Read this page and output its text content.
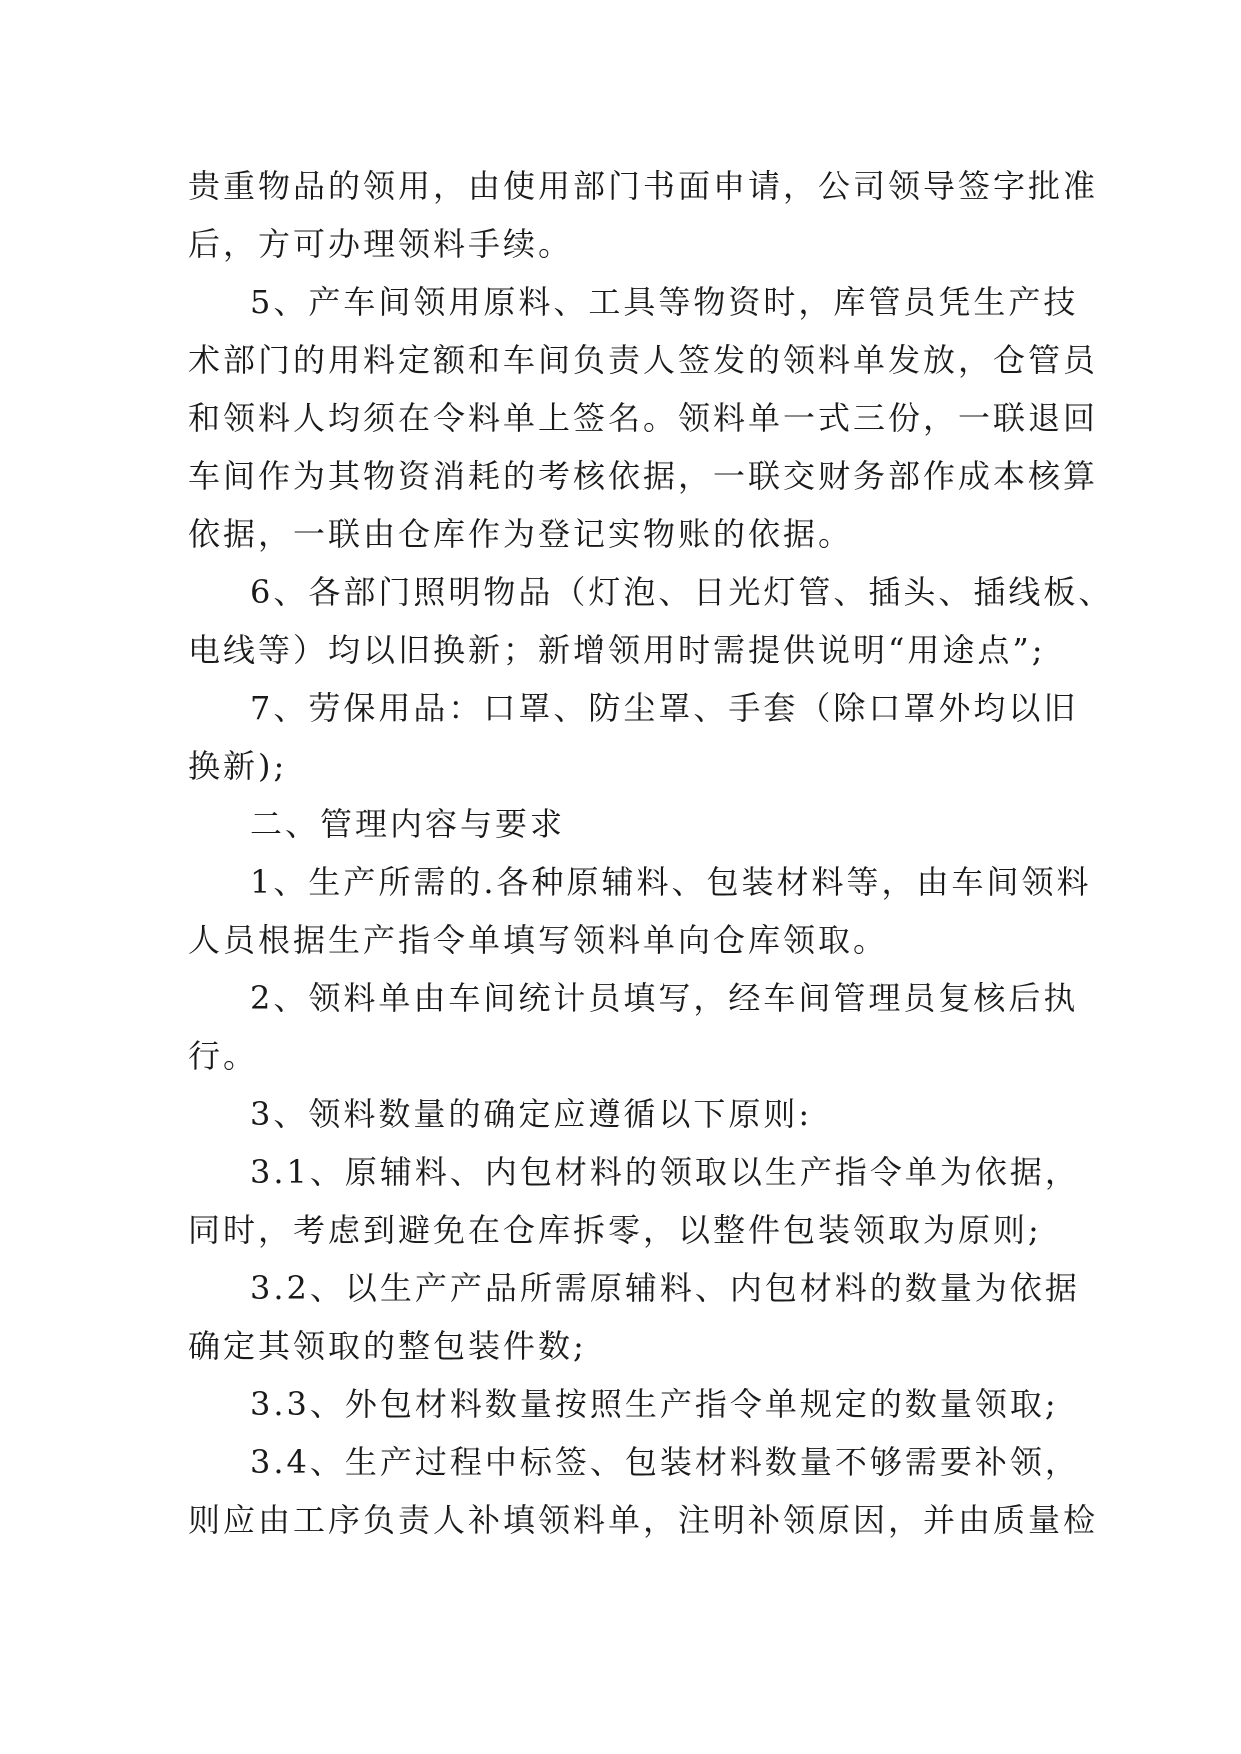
贵重物品的领用，由使用部门书面申请，公司领导签字批准
后，方可办理领料手续。
5、产车间领用原料、工具等物资时，库管员凭生产技
术部门的用料定额和车间负责人签发的领料单发放，仓管员
和领料人均须在令料单上签名。领料单一式三份，一联退回
车间作为其物资消耗的考核依据，一联交财务部作成本核算
依据，一联由仓库作为登记实物账的依据。
6、各部门照明物品（灯泡、日光灯管、插头、插线板、
电线等）均以旧换新；新增领用时需提供说明“用途点”;
7、劳保用品：口罩、防尘罩、手套（除口罩外均以旧
换新);
二、管理内容与要求
1、生产所需的.各种原辅料、包装材料等，由车间领料
人员根据生产指令单填写领料单向仓库领取。
2、领料单由车间统计员填写，经车间管理员复核后执
行。
3、领料数量的确定应遵循以下原则:
3.1、原辅料、内包材料的领取以生产指令单为依据，
同时，考虑到避免在仓库拆零，以整件包装领取为原则;
3.2、以生产产品所需原辅料、内包材料的数量为依据
确定其领取的整包装件数;
3.3、外包材料数量按照生产指令单规定的数量领取;
3.4、生产过程中标签、包装材料数量不够需要补领，
则应由工序负责人补填领料单，注明补领原因，并由质量检
